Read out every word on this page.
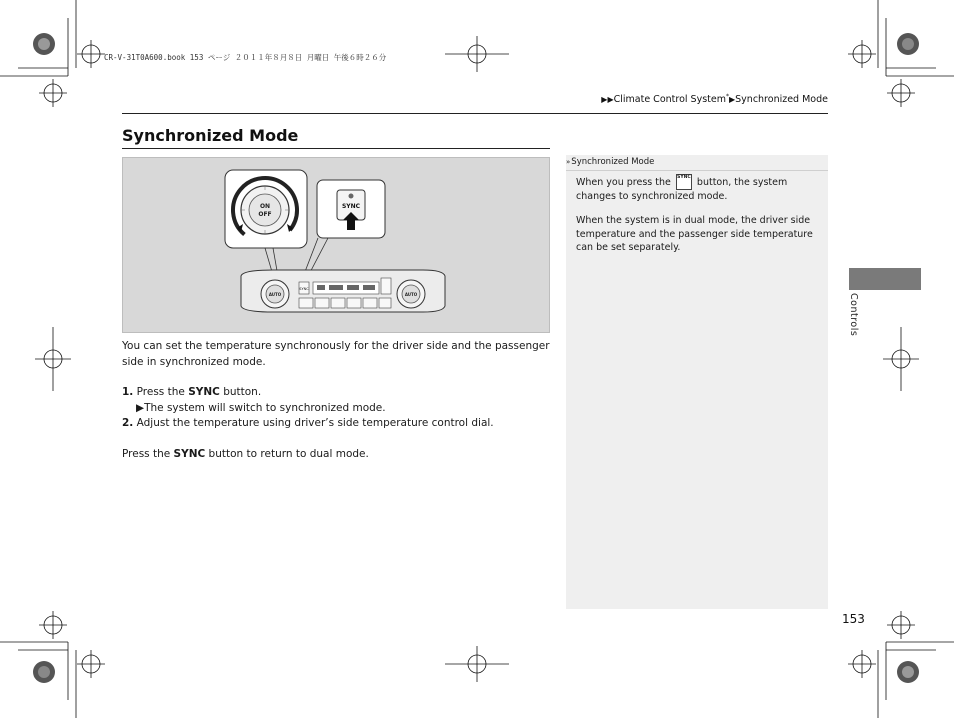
CR-V-31T0A600.book 153 ページ ２０１１年８月８日 月曜日 午後６時２６分
▶▶Climate Control System*▶Synchronized Mode
Synchronized Mode
ON
OFF
SYNC
AUTO	AUTO
SYNC
You can set the temperature synchronously for the driver side and the passenger side in synchronized mode.
1. Press the SYNC button.
▶The system will switch to synchronized mode.
2. Adjust the temperature using driver’s side temperature control dial.
Press the SYNC button to return to dual mode.
»Synchronized Mode
When you press the SYNC button, the system changes to synchronized mode.
When the system is in dual mode, the driver side temperature and the passenger side temperature can be set separately.
Controls
153
